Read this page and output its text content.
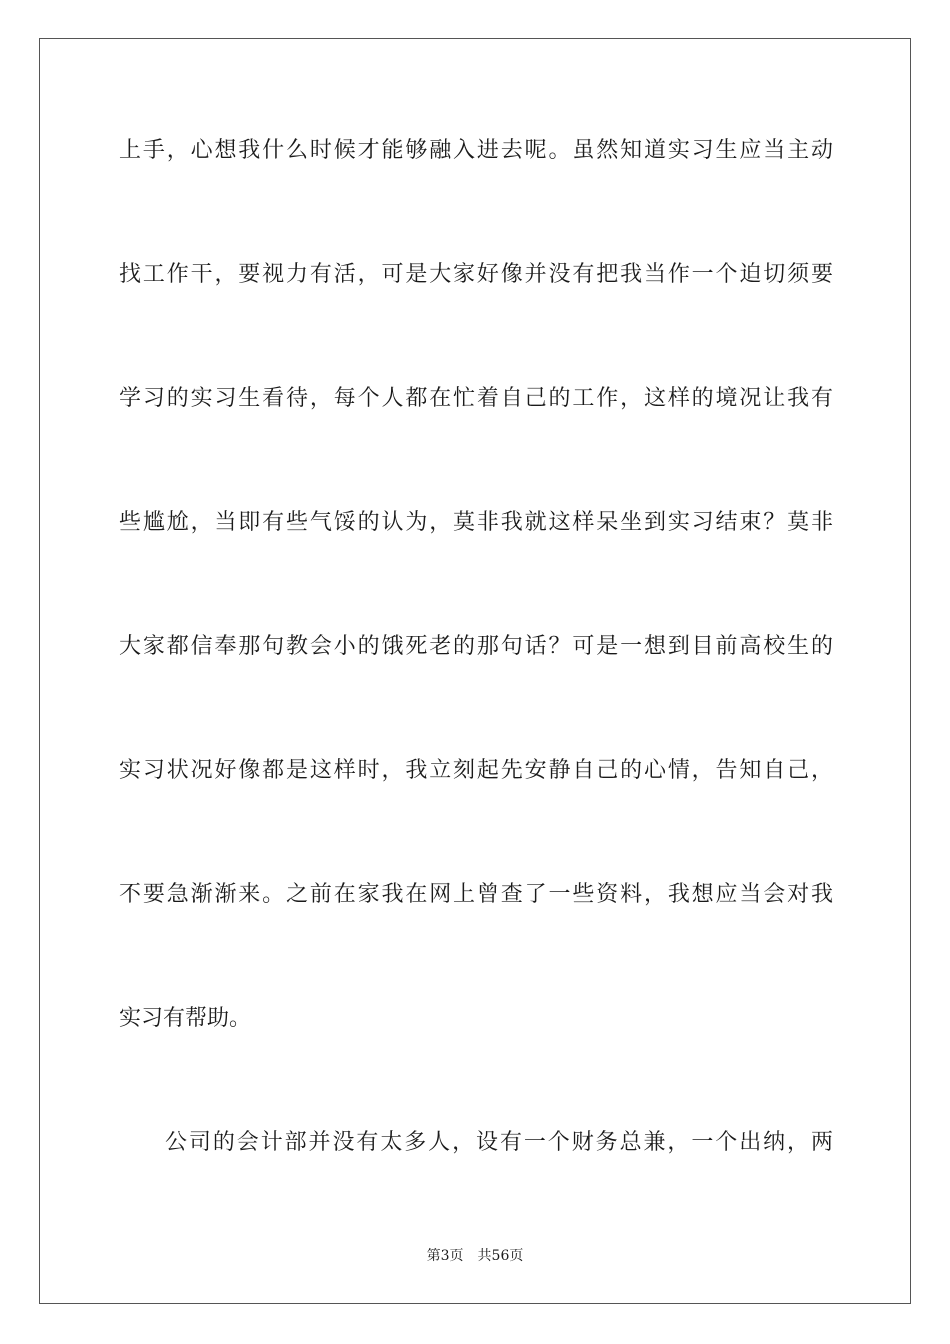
上手，心想我什么时候才能够融入进去呢。虽然知道实习生应当主动
找工作干，要视力有活，可是大家好像并没有把我当作一个迫切须要
学习的实习生看待，每个人都在忙着自己的工作，这样的境况让我有
些尴尬，当即有些气馁的认为，莫非我就这样呆坐到实习结束？莫非
大家都信奉那句教会小的饿死老的那句话？可是一想到目前高校生的
实习状况好像都是这样时，我立刻起先安静自己的心情，告知自己，
不要急渐渐来。之前在家我在网上曾查了一些资料，我想应当会对我
实习有帮助。
公司的会计部并没有太多人，设有一个财务总兼，一个出纳，两
第3页　共56页
